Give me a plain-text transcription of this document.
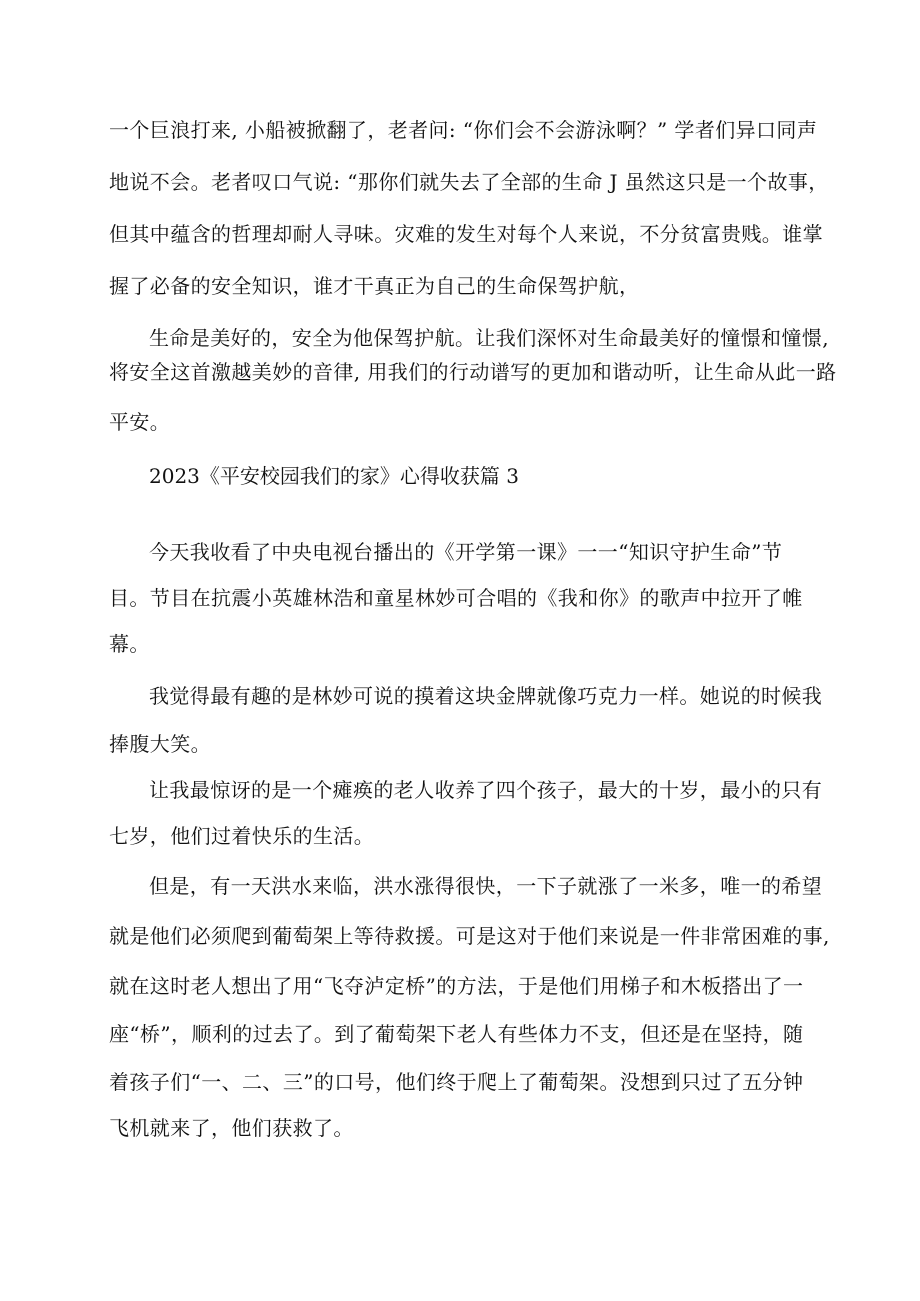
一个巨浪打来, 小船被掀翻了，老者问: “你们会不会游泳啊？” 学者们异口同声
地说不会。老者叹口气说: “那你们就失去了全部的生命 J 虽然这只是一个故事，
但其中蕴含的哲理却耐人寻味。灾难的发生对每个人来说，不分贫富贵贱。谁掌
握了必备的安全知识，谁才干真正为自己的生命保驾护航，
生命是美好的，安全为他保驾护航。让我们深怀对生命最美好的憧憬和憧憬,
将安全这首激越美妙的音律, 用我们的行动谱写的更加和谐动听，让生命从此一路
平安。
2023《平安校园我们的家》心得收获篇 3
今天我收看了中央电视台播出的《开学第一课》一一“知识守护生命”节
目。节目在抗震小英雄林浩和童星林妙可合唱的《我和你》的歌声中拉开了帷
幕。
我觉得最有趣的是林妙可说的摸着这块金牌就像巧克力一样。她说的时候我
捧腹大笑。
让我最惊讶的是一个瘫痪的老人收养了四个孩子，最大的十岁，最小的只有
七岁，他们过着快乐的生活。
但是，有一天洪水来临，洪水涨得很快，一下子就涨了一米多，唯一的希望
就是他们必须爬到葡萄架上等待救援。可是这对于他们来说是一件非常困难的事,
就在这时老人想出了用“飞夺泸定桥”的方法，于是他们用梯子和木板搭出了一
座“桥”，顺利的过去了。到了葡萄架下老人有些体力不支，但还是在坚持，随
着孩子们“一、二、三”的口号，他们终于爬上了葡萄架。没想到只过了五分钟
飞机就来了，他们获救了。
